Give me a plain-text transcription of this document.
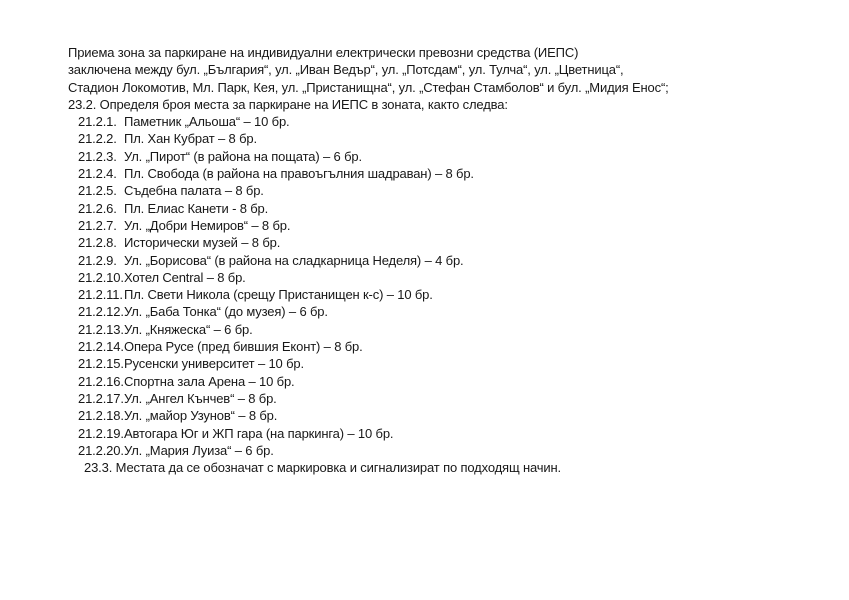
Приема зона за паркиране на индивидуални електрически превозни средства (ИЕПС)
заключена между бул. „България“, ул. „Иван Ведър“, ул. „Потсдам“, ул. Тулча“, ул. „Цветница“,
Стадион Локомотив, Мл. Парк, Кея, ул. „Пристанищна“, ул. „Стефан Стамболов“ и бул. „Мидия Енос“;
23.2. Определя броя места за паркиране на ИЕПС в зоната, както следва:
21.2.1. Паметник „Альоша“ – 10 бр.
21.2.2. Пл. Хан Кубрат – 8 бр.
21.2.3. Ул. „Пирот“ (в района на пощата) – 6 бр.
21.2.4. Пл. Свобода (в района на правоъгълния шадраван) – 8 бр.
21.2.5. Съдебна палата – 8 бр.
21.2.6. Пл. Елиас Канети - 8 бр.
21.2.7. Ул. „Добри Немиров“ – 8 бр.
21.2.8. Исторически музей – 8 бр.
21.2.9. Ул. „Борисова“ (в района на сладкарница Неделя) – 4 бр.
21.2.10. Хотел Central – 8 бр.
21.2.11. Пл. Свети Никола (срещу Пристанищен к-с) – 10 бр.
21.2.12. Ул. „Баба Тонка“ (до музея) – 6 бр.
21.2.13. Ул. „Княжеска“ – 6 бр.
21.2.14. Опера Русе (пред бившия Еконт) – 8 бр.
21.2.15. Русенски университет – 10 бр.
21.2.16. Спортна зала Арена – 10 бр.
21.2.17. Ул. „Ангел Кънчев“ – 8 бр.
21.2.18. Ул. „майор Узунов“ – 8 бр.
21.2.19. Автогара Юг и ЖП гара (на паркинга) – 10 бр.
21.2.20. Ул. „Мария Луиза“ – 6 бр.
23.3. Местата да се обозначат с маркировка и сигнализират по подходящ начин.
